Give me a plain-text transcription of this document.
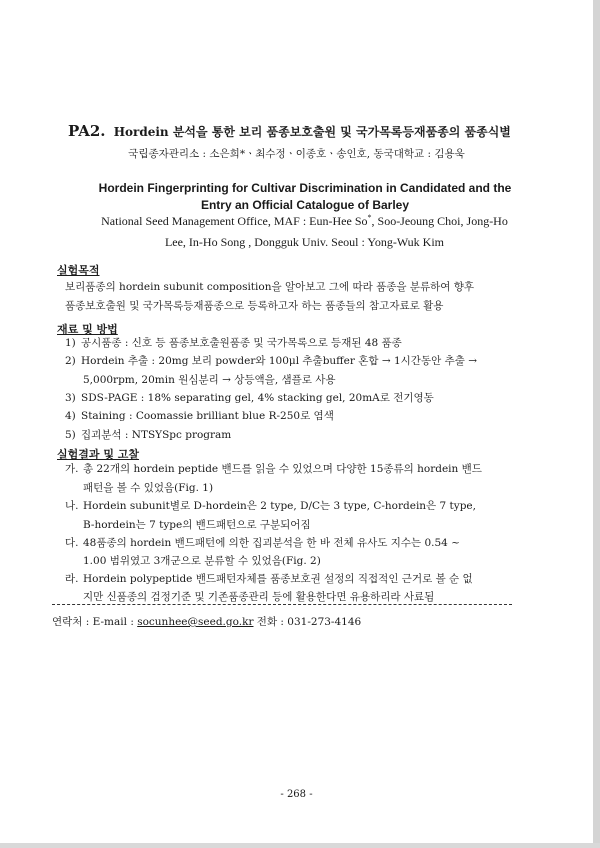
PA2. Hordein 분석을 통한 보리 품종보호출원 및 국가목록등재품종의 품종식별
국립종자관리소 : 소은희*ㆍ최수정ㆍ이종호ㆍ송인호, 동국대학교 : 김용욱
Hordein Fingerprinting for Cultivar Discrimination in Candidated and the
Entry an Official Catalogue of Barley
National Seed Management Office, MAF : Eun-Hee So*, Soo-Jeoung Choi, Jong-Ho
Lee, In-Ho Song , Dongguk Univ. Seoul : Yong-Wuk Kim
실험목적
보리품종의 hordein subunit composition을 알아보고 그에 따라 품종을 분류하여 향후
품종보호출원 및 국가목록등재품종으로 등록하고자 하는 품종들의 참고자료로 활용
재료 및 방법
1) 공시품종 : 신호 등 품종보호출원품종 및 국가목록으로 등재된 48 품종
2) Hordein 추출 : 20mg 보리 powder와 100μl 추출buffer 혼합 → 1시간동안 추출 →
5,000rpm, 20min 원심분리 → 상등액을, 샘플로 사용
3) SDS-PAGE : 18% separating gel, 4% stacking gel, 20mA로 전기영동
4) Staining : Coomassie brilliant blue R-250로 염색
5) 집괴분석 : NTSYSpc program
실험결과 및 고찰
가. 총 22개의 hordein peptide 밴드를 읽을 수 있었으며 다양한 15종류의 hordein 밴드
패턴을 볼 수 있었음(Fig. 1)
나. Hordein subunit별로 D-hordein은 2 type, D/C는 3 type, C-hordein은 7 type,
B-hordein는 7 type의 밴드패턴으로 구분되어짐
다. 48품종의 hordein 밴드패턴에 의한 집괴분석을 한 바 전체 유사도 지수는 0.54 ~
1.00 범위였고 3개군으로 분류할 수 있었음(Fig. 2)
라. Hordein polypeptide 밴드패턴자체를 품종보호권 설정의 직접적인 근거로 볼 순 없
지만 신품종의 검정기준 및 기존품종관리 등에 활용한다면 유용하리라 사료됨
연락처 : E-mail : socunhee@seed.go.kr 전화 : 031-273-4146
- 268 -
